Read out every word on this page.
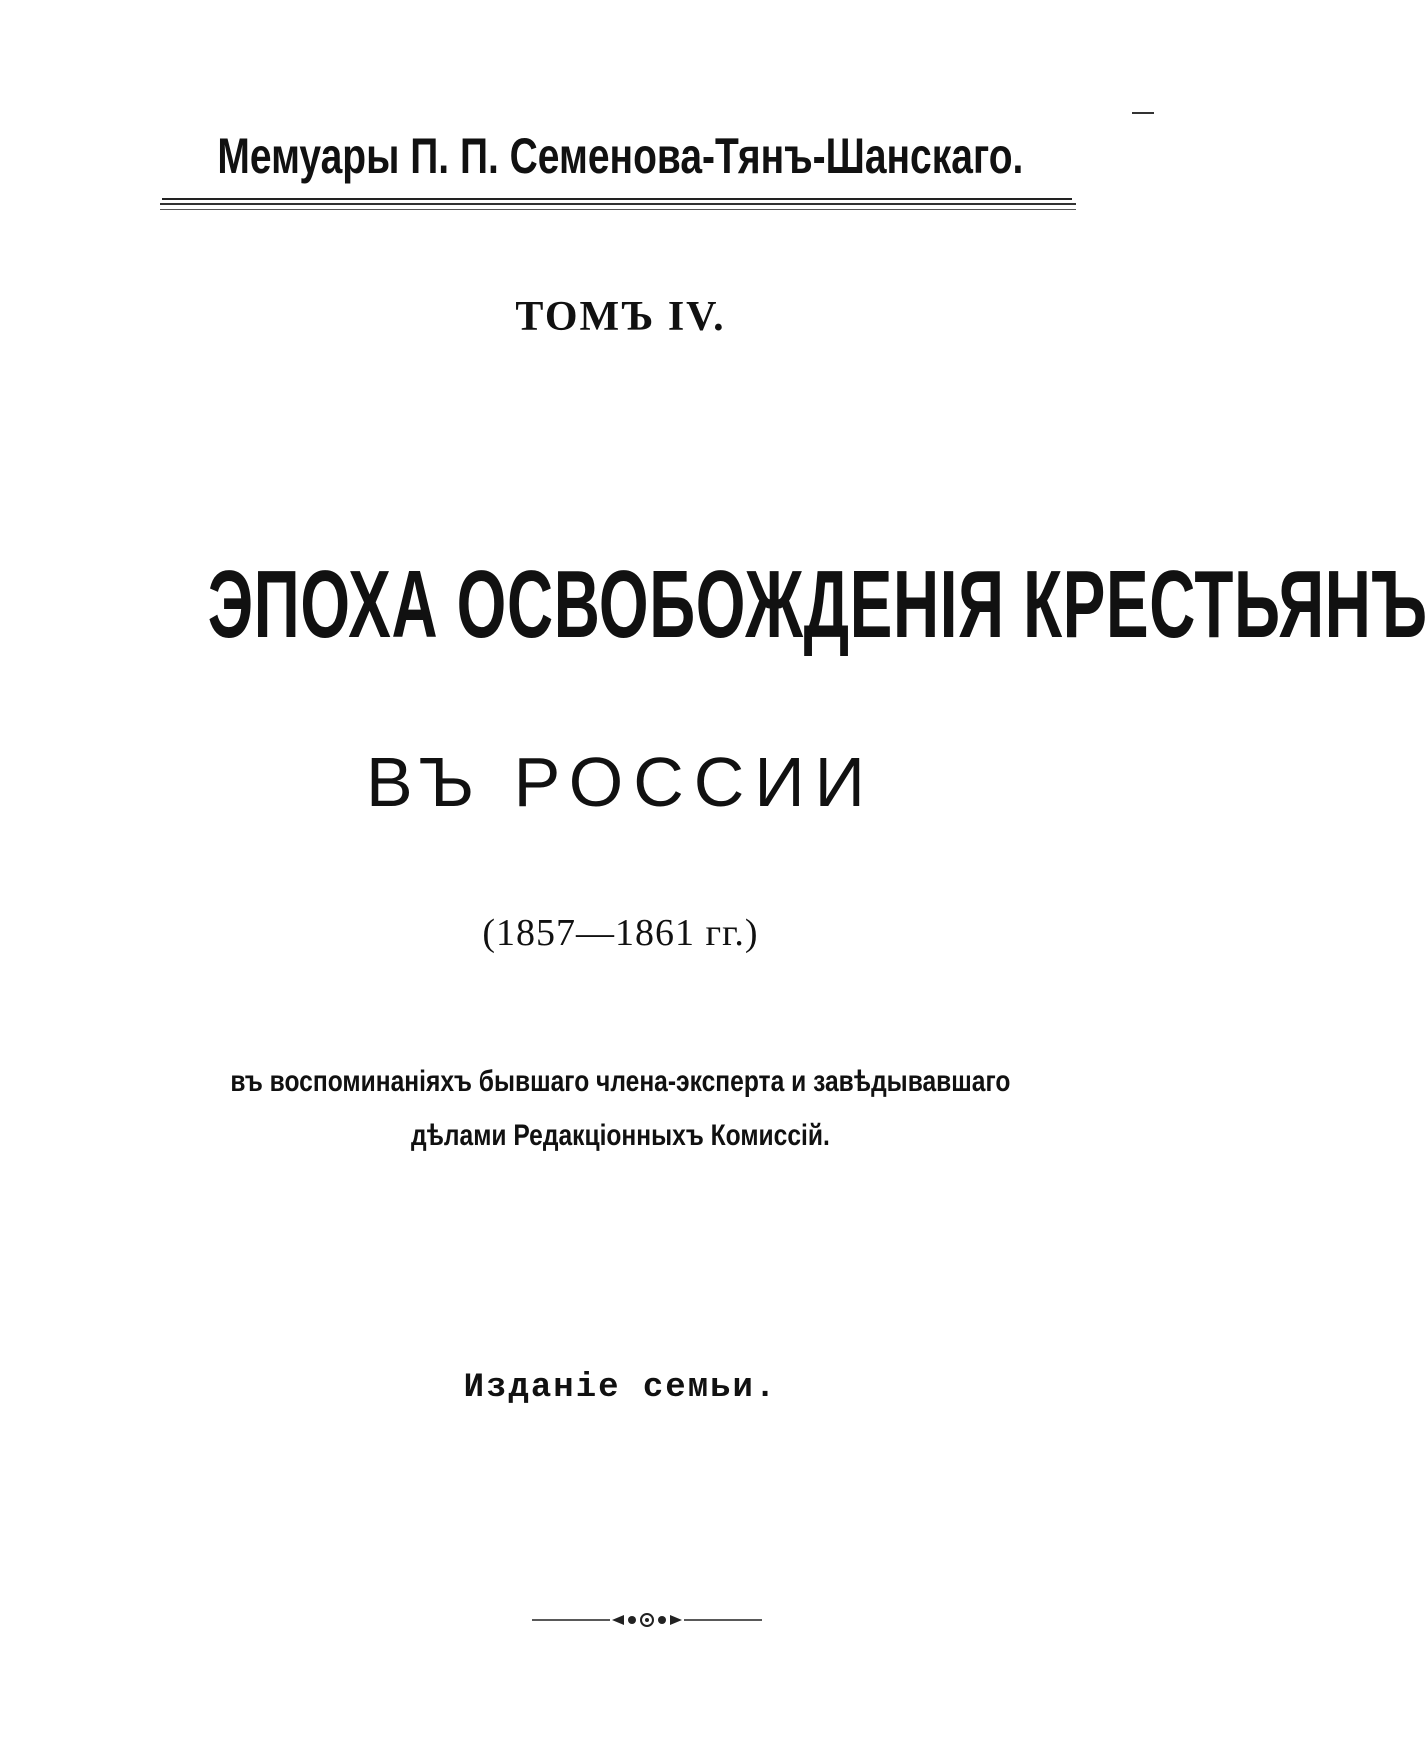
Мемуары П. П. Семенова-Тянъ-Шанскаго.
ТОМЪ IV.
ЭПОХА ОСВОБОЖДЕНІЯ КРЕСТЬЯНЪ
ВЪ РОССИИ
(1857—1861 гг.)
въ воспоминаніяхъ бывшаго члена-эксперта и завѣдывавшаго
дѣлами Редакціонныхъ Комиссій.
Изданіе семьи.
